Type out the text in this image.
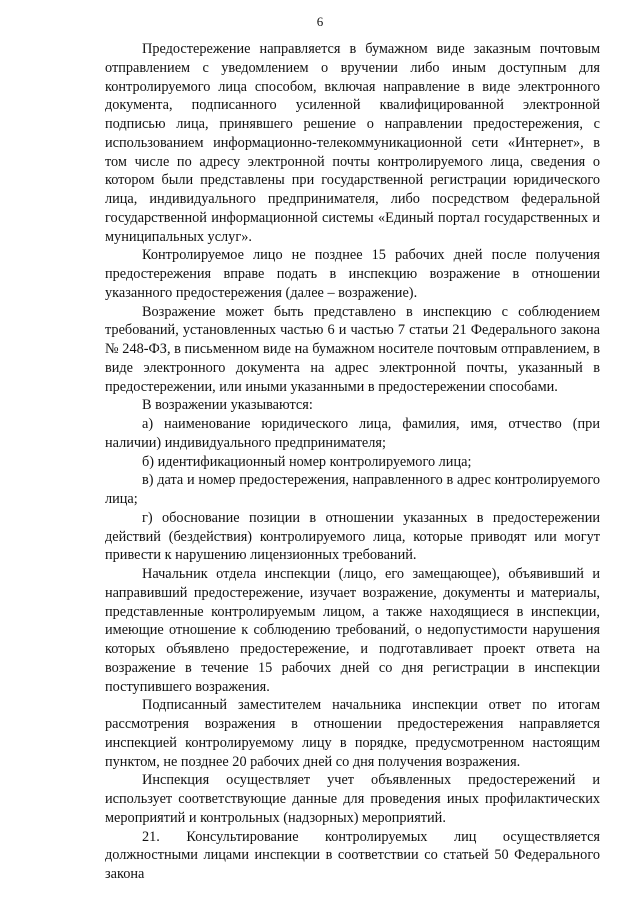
6

Предостережение направляется в бумажном виде заказным почтовым отправлением с уведомлением о вручении либо иным доступным для контролируемого лица способом, включая направление в виде электронного документа, подписанного усиленной квалифицированной электронной подписью лица, принявшего решение о направлении предостережения, с использованием информационно-телекоммуникационной сети «Интернет», в том числе по адресу электронной почты контролируемого лица, сведения о котором были представлены при государственной регистрации юридического лица, индивидуального предпринимателя, либо посредством федеральной государственной информационной системы «Единый портал государственных и муниципальных услуг».

Контролируемое лицо не позднее 15 рабочих дней после получения предостережения вправе подать в инспекцию возражение в отношении указанного предостережения (далее – возражение).

Возражение может быть представлено в инспекцию с соблюдением требований, установленных частью 6 и частью 7 статьи 21 Федерального закона № 248-ФЗ, в письменном виде на бумажном носителе почтовым отправлением, в виде электронного документа на адрес электронной почты, указанный в предостережении, или иными указанными в предостережении способами.

В возражении указываются:

а) наименование юридического лица, фамилия, имя, отчество (при наличии) индивидуального предпринимателя;

б) идентификационный номер контролируемого лица;

в) дата и номер предостережения, направленного в адрес контролируемого лица;

г) обоснование позиции в отношении указанных в предостережении действий (бездействия) контролируемого лица, которые приводят или могут привести к нарушению лицензионных требований.

Начальник отдела инспекции (лицо, его замещающее), объявивший и направивший предостережение, изучает возражение, документы и материалы, представленные контролируемым лицом, а также находящиеся в инспекции, имеющие отношение к соблюдению требований, о недопустимости нарушения которых объявлено предостережение, и подготавливает проект ответа на возражение в течение 15 рабочих дней со дня регистрации в инспекции поступившего возражения.

Подписанный заместителем начальника инспекции ответ по итогам рассмотрения возражения в отношении предостережения направляется инспекцией контролируемому лицу в порядке, предусмотренном настоящим пунктом, не позднее 20 рабочих дней со дня получения возражения.

Инспекция осуществляет учет объявленных предостережений и использует соответствующие данные для проведения иных профилактических мероприятий и контрольных (надзорных) мероприятий.

21. Консультирование контролируемых лиц осуществляется должностными лицами инспекции в соответствии со статьей 50 Федерального закона
